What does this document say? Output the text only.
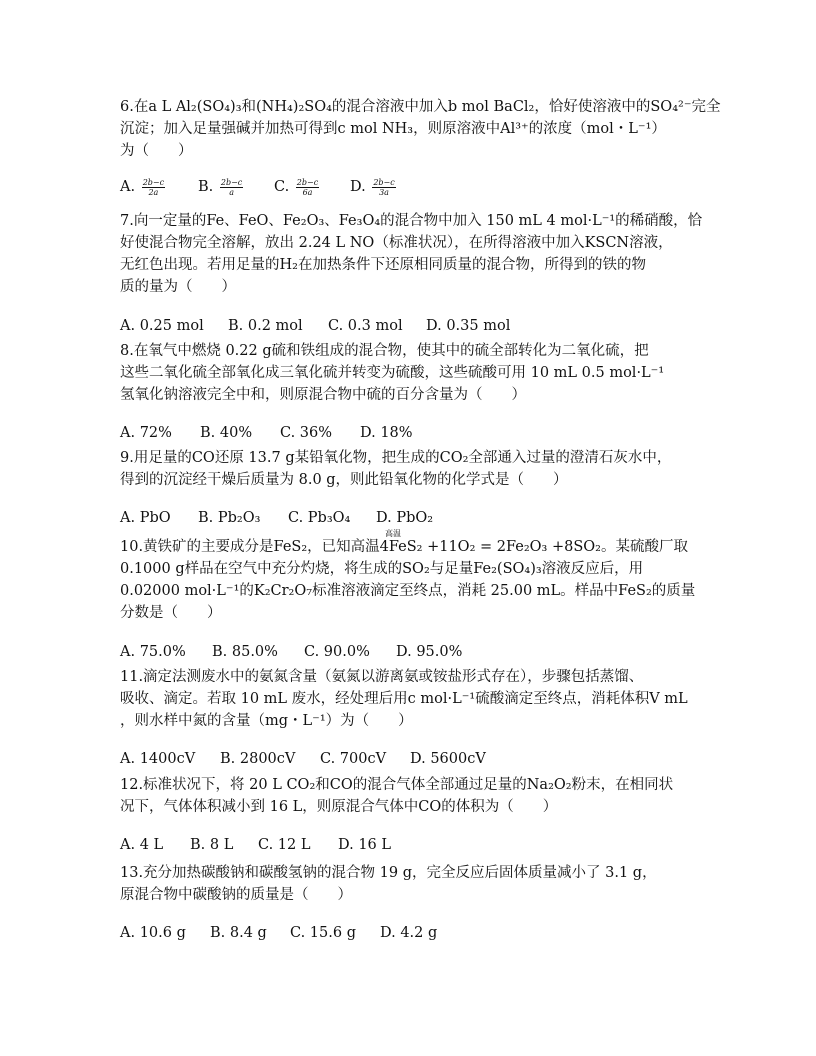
6.在a L Al₂(SO₄)₃和(NH₄)₂SO₄的混合溶液中加入b mol BaCl₂，恰好使溶液中的SO₄²⁻完全
沉淀；加入足量强碱并加热可得到c mol NH₃，则原溶液中Al³⁺的浓度（mol・L⁻¹）
为（　　）
A. $\frac{2b-c}{2a} B$. $\frac{2b-c}{a} C$. $\frac{2b-c}{6a} D$. $\frac{2b-c}{3a}$
7.向一定量的Fe、FeO、Fe₂O₃、Fe₃O₄的混合物中加入 150 mL 4 mol·L⁻¹的稀硝酸，恰
好使混合物完全溶解，放出 2.24 L NO（标准状况），在所得溶液中加入KSCN溶液，
无红色出现。若用足量的H₂在加热条件下还原相同质量的混合物，所得到的铁的物
质的量为（　　）
A. 0.25 mol	B. 0.2 mol	C. 0.3 mol	D. 0.35 mol
8.在氧气中燃烧 0.22 g硫和铁组成的混合物，使其中的硫全部转化为二氧化硫，把
这些二氧化硫全部氧化成三氧化硫并转变为硫酸，这些硫酸可用 10 mL 0.5 mol·L⁻¹
氢氧化钠溶液完全中和，则原混合物中硫的百分含量为（　　）
A. 72%	B. 40%	C. 36%	D. 18%
9.用足量的CO还原 13.7 g某铅氧化物，把生成的CO₂全部通入过量的澄清石灰水中，
得到的沉淀经干燥后质量为 8.0 g，则此铅氧化物的化学式是（　　）
A. PbO	B. Pb₂O₃	C. Pb₃O₄	D. PbO₂
10.黄铁矿的主要成分是FeS₂，已知高温4FeS₂ +11O₂ = 2Fe₂O₃ +8SO₂。某硫酸厂取
0.1000 g样品在空气中充分灼烧，将生成的SO₂与足量Fe₂(SO₄)₃溶液反应后，用
0.02000 mol·L⁻¹的K₂Cr₂O₇标准溶液滴定至终点，消耗 25.00 mL。样品中FeS₂的质量
分数是（　　）
A. 75.0%	B. 85.0%	C. 90.0%	D. 95.0%
高温
11.滴定法测废水中的氨氮含量（氨氮以游离氨或铵盐形式存在），步骤包括蒸馏、
吸收、滴定。若取 10 mL 废水，经处理后用c mol·L⁻¹硫酸滴定至终点，消耗体积V mL
，则水样中氮的含量（mg・L⁻¹）为（　　）
A. 1400cV	B. 2800cV	C. 700cV	D. 5600cV
12.标准状况下，将 20 L CO₂和CO的混合气体全部通过足量的Na₂O₂粉末，在相同状
况下，气体体积减小到 16 L，则原混合气体中CO的体积为（　　）
A. 4 L	B. 8 L	C. 12 L	D. 16 L
13.充分加热碳酸钠和碳酸氢钠的混合物 19 g，完全反应后固体质量减小了 3.1 g，
原混合物中碳酸钠的质量是（　　）
A. 10.6 g	B. 8.4 g	C. 15.6 g	D. 4.2 g
